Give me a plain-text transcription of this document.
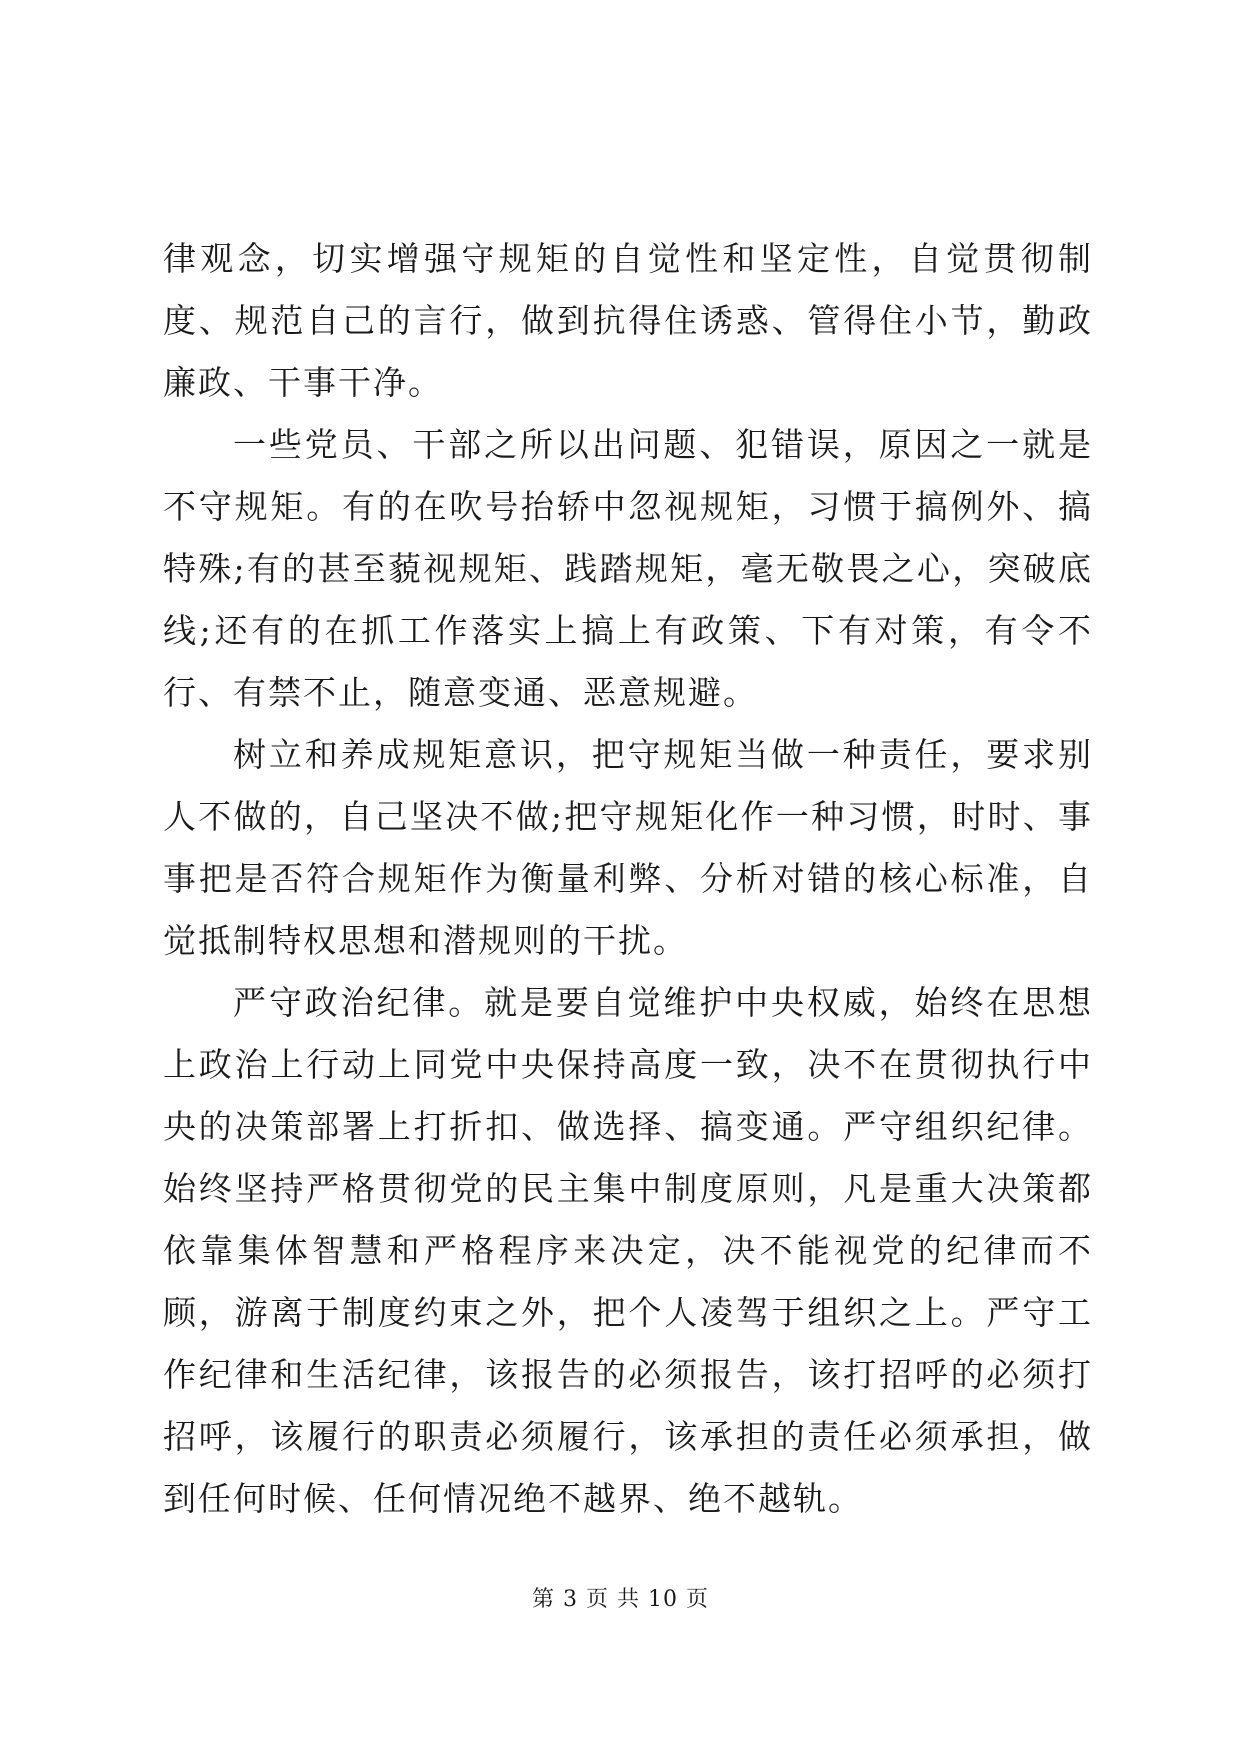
律观念，切实增强守规矩的自觉性和坚定性，自觉贯彻制度、规范自己的言行，做到抗得住诱惑、管得住小节，勤政廉政、干事干净。

一些党员、干部之所以出问题、犯错误，原因之一就是不守规矩。有的在吹号抬轿中忽视规矩，习惯于搞例外、搞特殊;有的甚至藐视规矩、践踏规矩，毫无敬畏之心，突破底线;还有的在抓工作落实上搞上有政策、下有对策，有令不行、有禁不止，随意变通、恶意规避。

树立和养成规矩意识，把守规矩当做一种责任，要求别人不做的，自己坚决不做;把守规矩化作一种习惯，时时、事事把是否符合规矩作为衡量利弊、分析对错的核心标准，自觉抵制特权思想和潜规则的干扰。

严守政治纪律。就是要自觉维护中央权威，始终在思想上政治上行动上同党中央保持高度一致，决不在贯彻执行中央的决策部署上打折扣、做选择、搞变通。严守组织纪律。始终坚持严格贯彻党的民主集中制度原则，凡是重大决策都依靠集体智慧和严格程序来决定，决不能视党的纪律而不顾，游离于制度约束之外，把个人凌驾于组织之上。严守工作纪律和生活纪律，该报告的必须报告，该打招呼的必须打招呼，该履行的职责必须履行，该承担的责任必须承担，做到任何时候、任何情况绝不越界、绝不越轨。

第 3 页 共 10 页
